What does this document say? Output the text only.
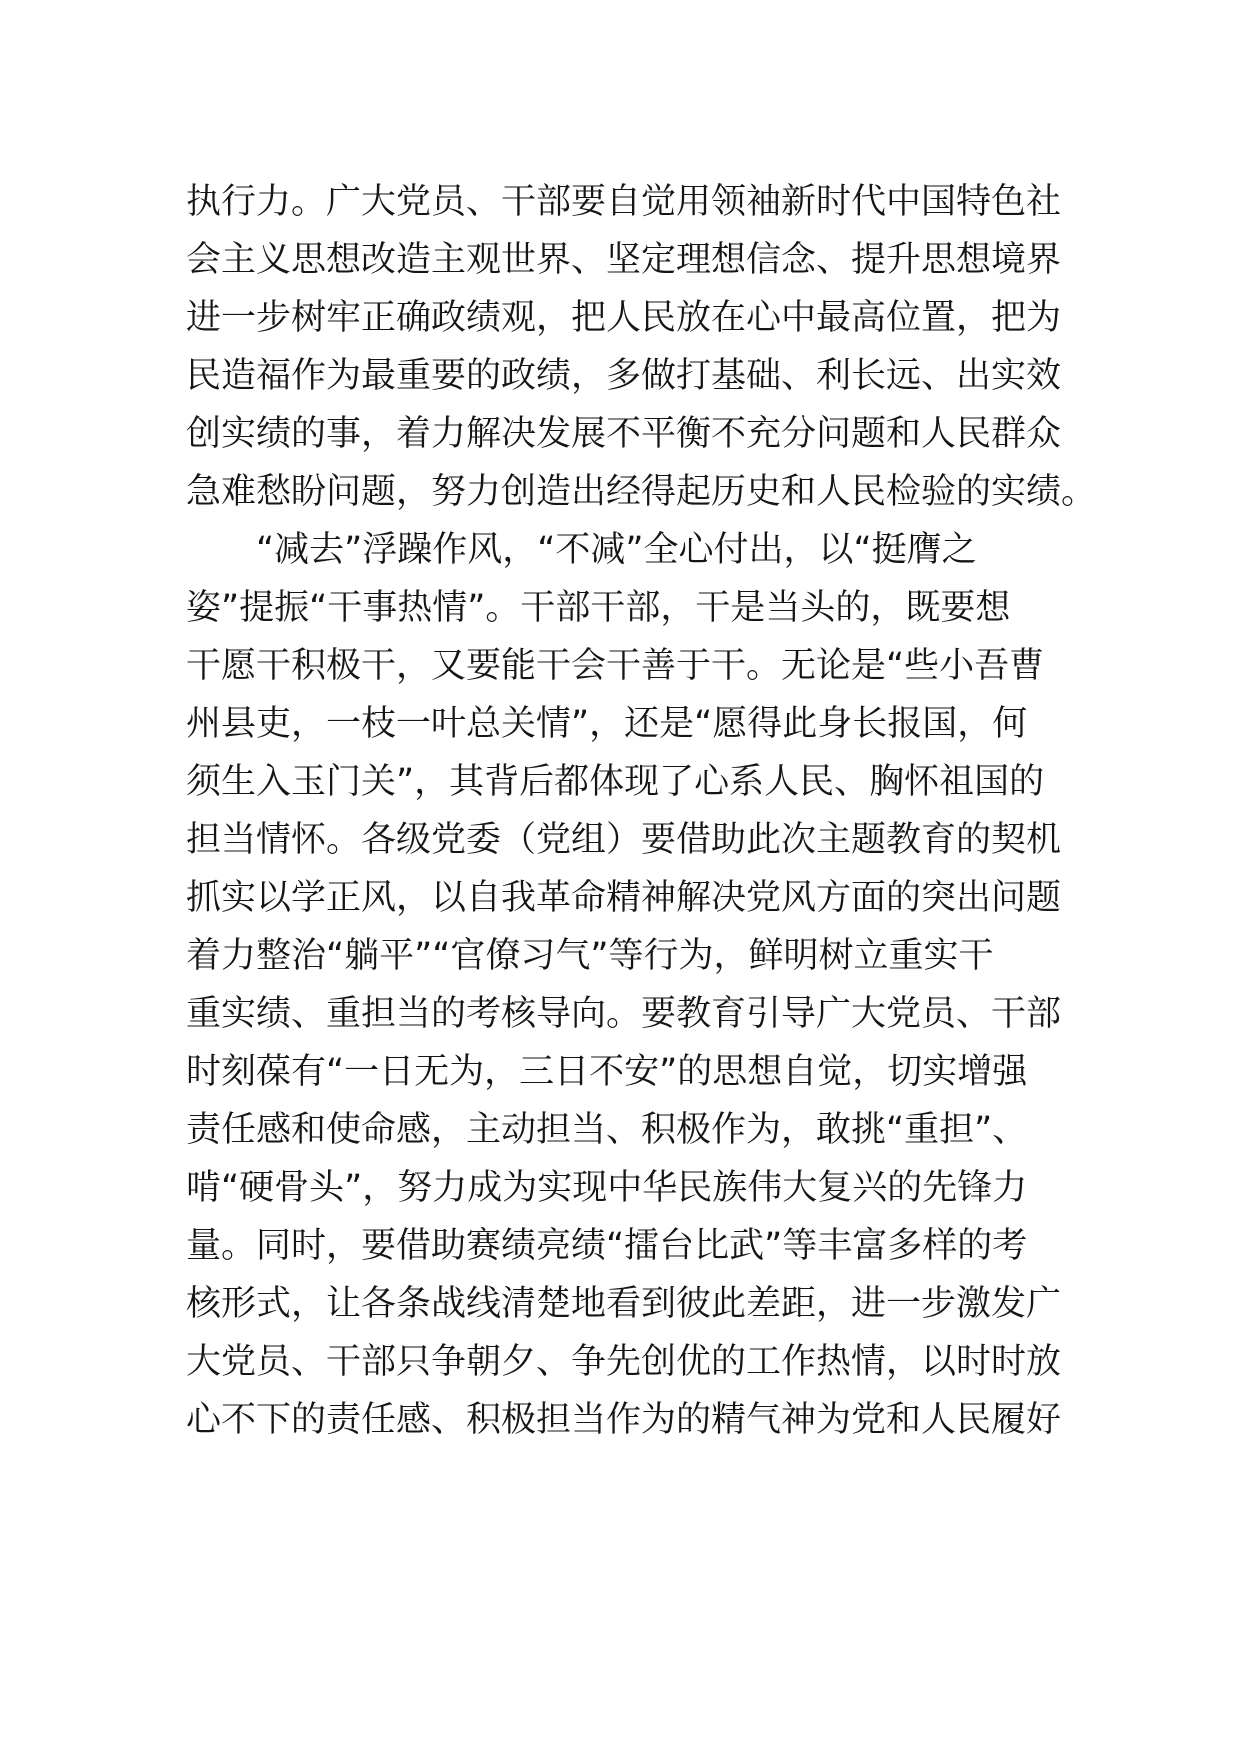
执行力。广大党员、干部要自觉用领袖新时代中国特色社
会主义思想改造主观世界、坚定理想信念、提升思想境界
进一步树牢正确政绩观，把人民放在心中最高位置，把为
民造福作为最重要的政绩，多做打基础、利长远、出实效
创实绩的事，着力解决发展不平衡不充分问题和人民群众
急难愁盼问题，努力创造出经得起历史和人民检验的实绩。
“减去”浮躁作风，“不减”全心付出，以“挺膺之
姿”提振“干事热情”。干部干部，干是当头的，既要想
干愿干积极干，又要能干会干善于干。无论是“些小吾曹
州县吏，一枝一叶总关情”，还是“愿得此身长报国，何
须生入玉门关”，其背后都体现了心系人民、胸怀祖国的
担当情怀。各级党委（党组）要借助此次主题教育的契机
抓实以学正风，以自我革命精神解决党风方面的突出问题
着力整治“躺平”“官僚习气”等行为，鲜明树立重实干
重实绩、重担当的考核导向。要教育引导广大党员、干部
时刻葆有“一日无为，三日不安”的思想自觉，切实增强
责任感和使命感，主动担当、积极作为，敢挑“重担”、
啃“硬骨头”，努力成为实现中华民族伟大复兴的先锋力
量。同时，要借助赛绩亮绩“擂台比武”等丰富多样的考
核形式，让各条战线清楚地看到彼此差距，进一步激发广
大党员、干部只争朝夕、争先创优的工作热情，以时时放
心不下的责任感、积极担当作为的精气神为党和人民履好
